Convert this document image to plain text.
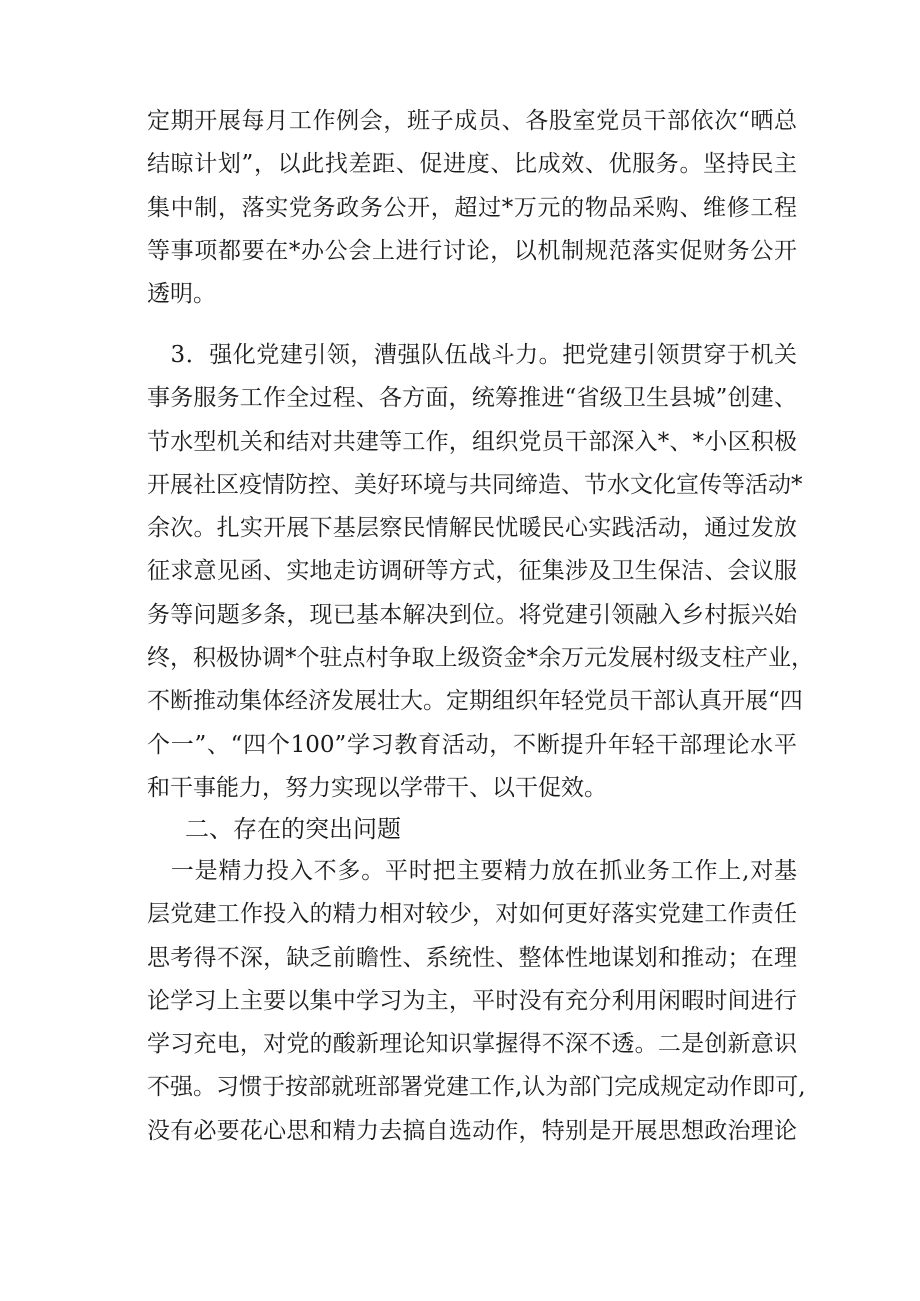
定期开展每月工作例会，班子成员、各股室党员干部依次“晒总
结晾计划”，以此找差距、促进度、比成效、优服务。坚持民主
集中制，落实党务政务公开，超过*万元的物品采购、维修工程
等事项都要在*办公会上进行讨论，以机制规范落实促财务公开
透明。
　3．强化党建引领，漕强队伍战斗力。把党建引领贯穿于机关
事务服务工作全过程、各方面，统筹推进“省级卫生县城”创建、
节水型机关和结对共建等工作，组织党员干部深入*、*小区积极
开展社区疫情防控、美好环境与共同缔造、节水文化宣传等活动*
余次。扎实开展下基层察民情解民忧暖民心实践活动，通过发放
征求意见函、实地走访调研等方式，征集涉及卫生保洁、会议服
务等问题多条，现已基本解决到位。将党建引领融入乡村振兴始
终，积极协调*个驻点村争取上级资金*余万元发展村级支柱产业，
不断推动集体经济发展壮大。定期组织年轻党员干部认真开展“四
个一”、“四个100”学习教育活动，不断提升年轻干部理论水平
和干事能力，努力实现以学带干、以干促效。
二、存在的突出问题
　一是精力投入不多。平时把主要精力放在抓业务工作上,对基
层党建工作投入的精力相对较少，对如何更好落实党建工作责任
思考得不深，缺乏前瞻性、系统性、整体性地谋划和推动；在理
论学习上主要以集中学习为主，平时没有充分利用闲暇时间进行
学习充电，对党的酸新理论知识掌握得不深不透。二是创新意识
不强。习惯于按部就班部署党建工作,认为部门完成规定动作即可,
没有必要花心思和精力去搞自选动作，特别是开展思想政治理论
